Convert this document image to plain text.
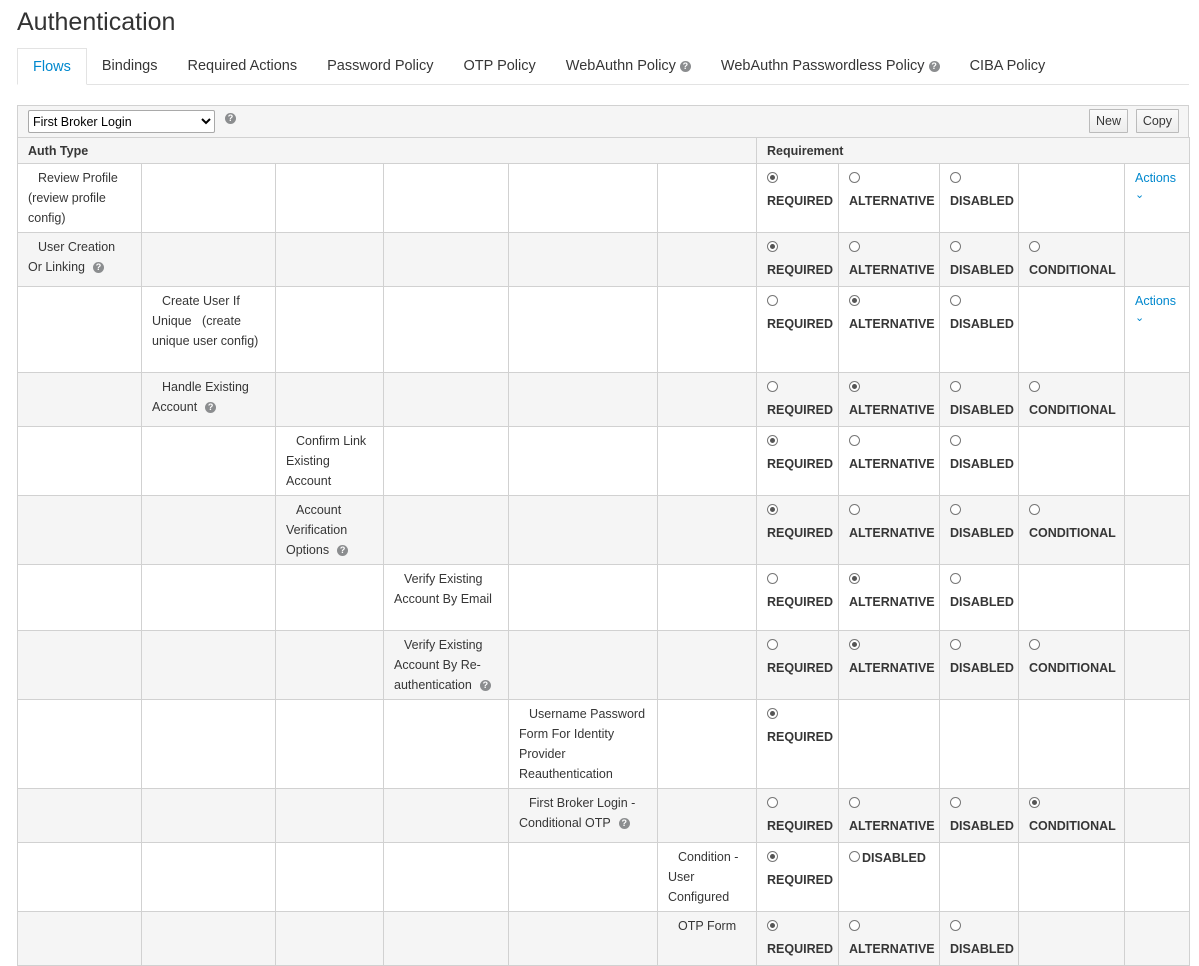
Authentication
Flows	Bindings	Required Actions	Password Policy	OTP Policy	WebAuthn Policy ?	WebAuthn Passwordless Policy ?	CIBA Policy
First Broker Login
?	New	Copy
Auth Type						Requirement				
Review Profile   (review profile config)						REQUIRED	ALTERNATIVE	DISABLED		Actions
⌄

User Creation Or Linking ?						REQUIRED	ALTERNATIVE	DISABLED	CONDITIONAL	

	Create User If Unique   (create unique user config)					REQUIRED	ALTERNATIVE	DISABLED		Actions
⌄

	Handle Existing Account ?					REQUIRED	ALTERNATIVE	DISABLED	CONDITIONAL	

		Confirm Link Existing Account				REQUIRED	ALTERNATIVE	DISABLED		

		Account Verification Options ?				REQUIRED	ALTERNATIVE	DISABLED	CONDITIONAL	

			Verify Existing Account By Email			REQUIRED	ALTERNATIVE	DISABLED		

			Verify Existing Account By Re-authentication ?			REQUIRED	ALTERNATIVE	DISABLED	CONDITIONAL	

				Username Password Form For Identity Provider Reauthentication		REQUIRED				

				First Broker Login - Conditional OTP ?		REQUIRED	ALTERNATIVE	DISABLED	CONDITIONAL	

					Condition - User Configured	REQUIRED	DISABLED			
					OTP Form	REQUIRED	ALTERNATIVE	DISABLED		
